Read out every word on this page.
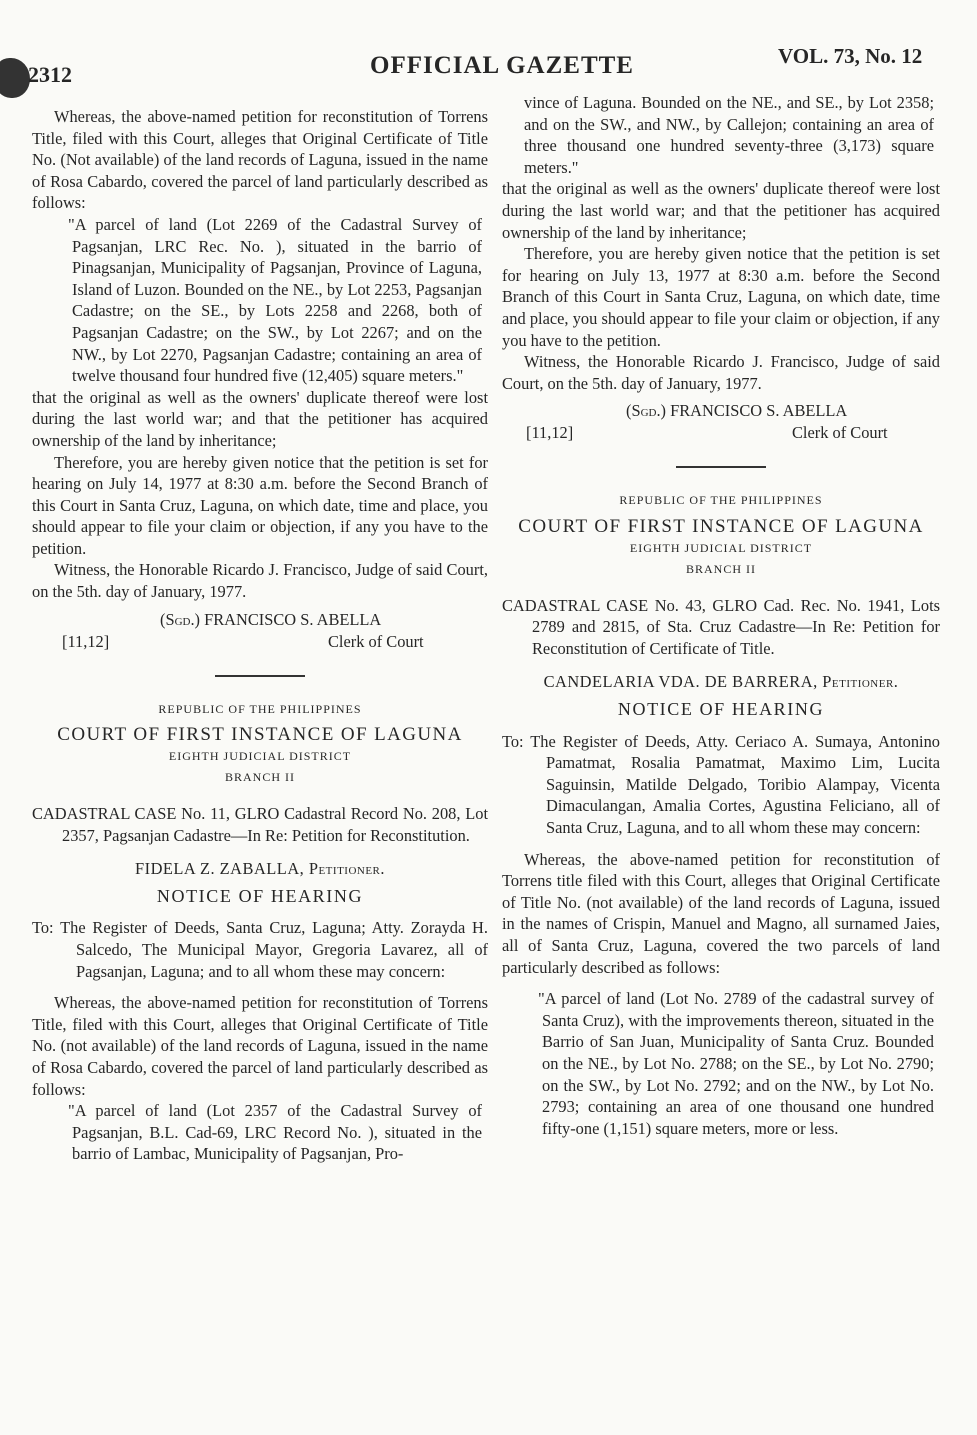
2312	OFFICIAL GAZETTE	VOL. 73, No. 12

Whereas, the above-named petition for reconstitution of Torrens Title, filed with this Court, alleges that Original Certificate of Title No. (Not available) of the land records of Laguna, issued in the name of Rosa Cabardo, covered the parcel of land particularly described as follows:

"A parcel of land (Lot 2269 of the Cadastral Survey of Pagsanjan, LRC Rec. No. ), situated in the barrio of Pinagsanjan, Municipality of Pagsanjan, Province of Laguna, Island of Luzon. Bounded on the NE., by Lot 2253, Pagsanjan Cadastre; on the SE., by Lots 2258 and 2268, both of Pagsanjan Cadastre; on the SW., by Lot 2267; and on the NW., by Lot 2270, Pagsanjan Cadastre; containing an area of twelve thousand four hundred five (12,405) square meters."

that the original as well as the owners' duplicate thereof were lost during the last world war; and that the petitioner has acquired ownership of the land by inheritance;

Therefore, you are hereby given notice that the petition is set for hearing on July 14, 1977 at 8:30 a.m. before the Second Branch of this Court in Santa Cruz, Laguna, on which date, time and place, you should appear to file your claim or objection, if any you have to the petition.

Witness, the Honorable Ricardo J. Francisco, Judge of said Court, on the 5th. day of January, 1977.

(Sgd.) FRANCISCO S. ABELLA
[11,12]	Clerk of Court
REPUBLIC OF THE PHILIPPINES
COURT OF FIRST INSTANCE OF LAGUNA
EIGHTH JUDICIAL DISTRICT
BRANCH II

CADASTRAL CASE No. 11, GLRO Cadastral Record No. 208, Lot 2357, Pagsanjan Cadastre—In Re: Petition for Reconstitution.

FIDELA Z. ZABALLA, Petitioner.

NOTICE OF HEARING

To: The Register of Deeds, Santa Cruz, Laguna; Atty. Zorayda H. Salcedo, The Municipal Mayor, Gregoria Lavarez, all of Pagsanjan, Laguna; and to all whom these may concern:

Whereas, the above-named petition for reconstitution of Torrens Title, filed with this Court, alleges that Original Certificate of Title No. (not available) of the land records of Laguna, issued in the name of Rosa Cabardo, covered the parcel of land particularly described as follows:

"A parcel of land (Lot 2357 of the Cadastral Survey of Pagsanjan, B.L. Cad-69, LRC Record No. ), situated in the barrio of Lambac, Municipality of Pagsanjan, Pro-

vince of Laguna. Bounded on the NE., and SE., by Lot 2358; and on the SW., and NW., by Callejon; containing an area of three thousand one hundred seventy-three (3,173) square meters."

that the original as well as the owners' duplicate thereof were lost during the last world war; and that the petitioner has acquired ownership of the land by inheritance;

Therefore, you are hereby given notice that the petition is set for hearing on July 13, 1977 at 8:30 a.m. before the Second Branch of this Court in Santa Cruz, Laguna, on which date, time and place, you should appear to file your claim or objection, if any you have to the petition.

Witness, the Honorable Ricardo J. Francisco, Judge of said Court, on the 5th. day of January, 1977.

(Sgd.) FRANCISCO S. ABELLA
[11,12]	Clerk of Court
REPUBLIC OF THE PHILIPPINES
COURT OF FIRST INSTANCE OF LAGUNA
EIGHTH JUDICIAL DISTRICT
BRANCH II

CADASTRAL CASE No. 43, GLRO Cad. Rec. No. 1941, Lots 2789 and 2815, of Sta. Cruz Cadastre—In Re: Petition for Reconstitution of Certificate of Title.

CANDELARIA VDA. DE BARRERA, Petitioner.

NOTICE OF HEARING

To: The Register of Deeds, Atty. Ceriaco A. Sumaya, Antonino Pamatmat, Rosalia Pamatmat, Maximo Lim, Lucita Saguinsin, Matilde Delgado, Toribio Alampay, Vicenta Dimaculangan, Amalia Cortes, Agustina Feliciano, all of Santa Cruz, Laguna, and to all whom these may concern:

Whereas, the above-named petition for reconstitution of Torrens title filed with this Court, alleges that Original Certificate of Title No. (not available) of the land records of Laguna, issued in the names of Crispin, Manuel and Magno, all surnamed Jaies, all of Santa Cruz, Laguna, covered the two parcels of land particularly described as follows:

"A parcel of land (Lot No. 2789 of the cadastral survey of Santa Cruz), with the improvements thereon, situated in the Barrio of San Juan, Municipality of Santa Cruz. Bounded on the NE., by Lot No. 2788; on the SE., by Lot No. 2790; on the SW., by Lot No. 2792; and on the NW., by Lot No. 2793; containing an area of one thousand one hundred fifty-one (1,151) square meters, more or less.
